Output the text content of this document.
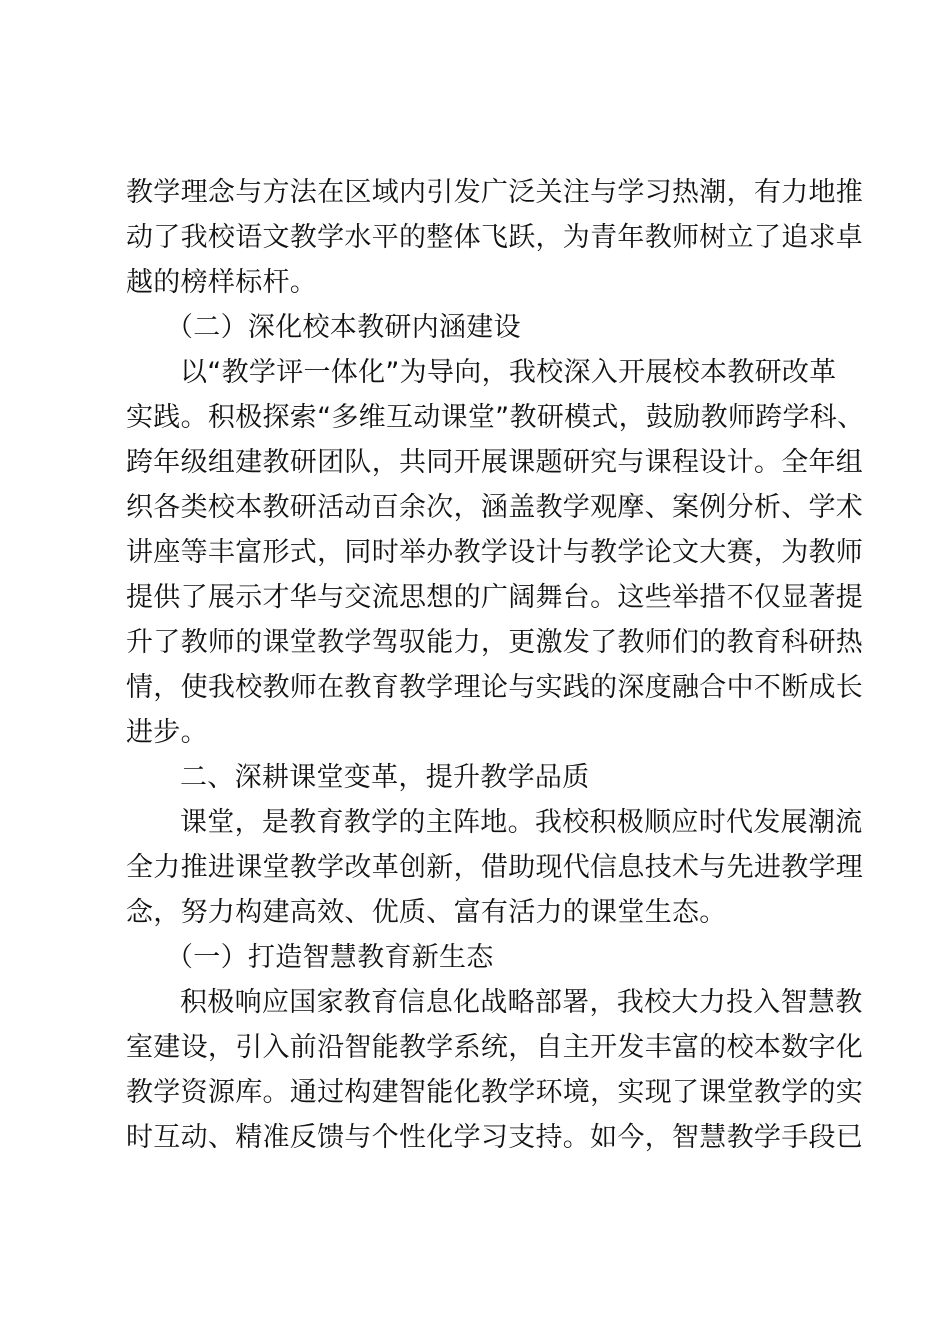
教学理念与方法在区域内引发广泛关注与学习热潮，有力地推
动了我校语文教学水平的整体飞跃，为青年教师树立了追求卓
越的榜样标杆。
（二）深化校本教研内涵建设
以“教学评一体化”为导向，我校深入开展校本教研改革
实践。积极探索“多维互动课堂”教研模式，鼓励教师跨学科、
跨年级组建教研团队，共同开展课题研究与课程设计。全年组
织各类校本教研活动百余次，涵盖教学观摩、案例分析、学术
讲座等丰富形式，同时举办教学设计与教学论文大赛，为教师
提供了展示才华与交流思想的广阔舞台。这些举措不仅显著提
升了教师的课堂教学驾驭能力，更激发了教师们的教育科研热
情，使我校教师在教育教学理论与实践的深度融合中不断成长
进步。
二、深耕课堂变革，提升教学品质
课堂，是教育教学的主阵地。我校积极顺应时代发展潮流
全力推进课堂教学改革创新，借助现代信息技术与先进教学理
念，努力构建高效、优质、富有活力的课堂生态。
（一）打造智慧教育新生态
积极响应国家教育信息化战略部署，我校大力投入智慧教
室建设，引入前沿智能教学系统，自主开发丰富的校本数字化
教学资源库。通过构建智能化教学环境，实现了课堂教学的实
时互动、精准反馈与个性化学习支持。如今，智慧教学手段已
